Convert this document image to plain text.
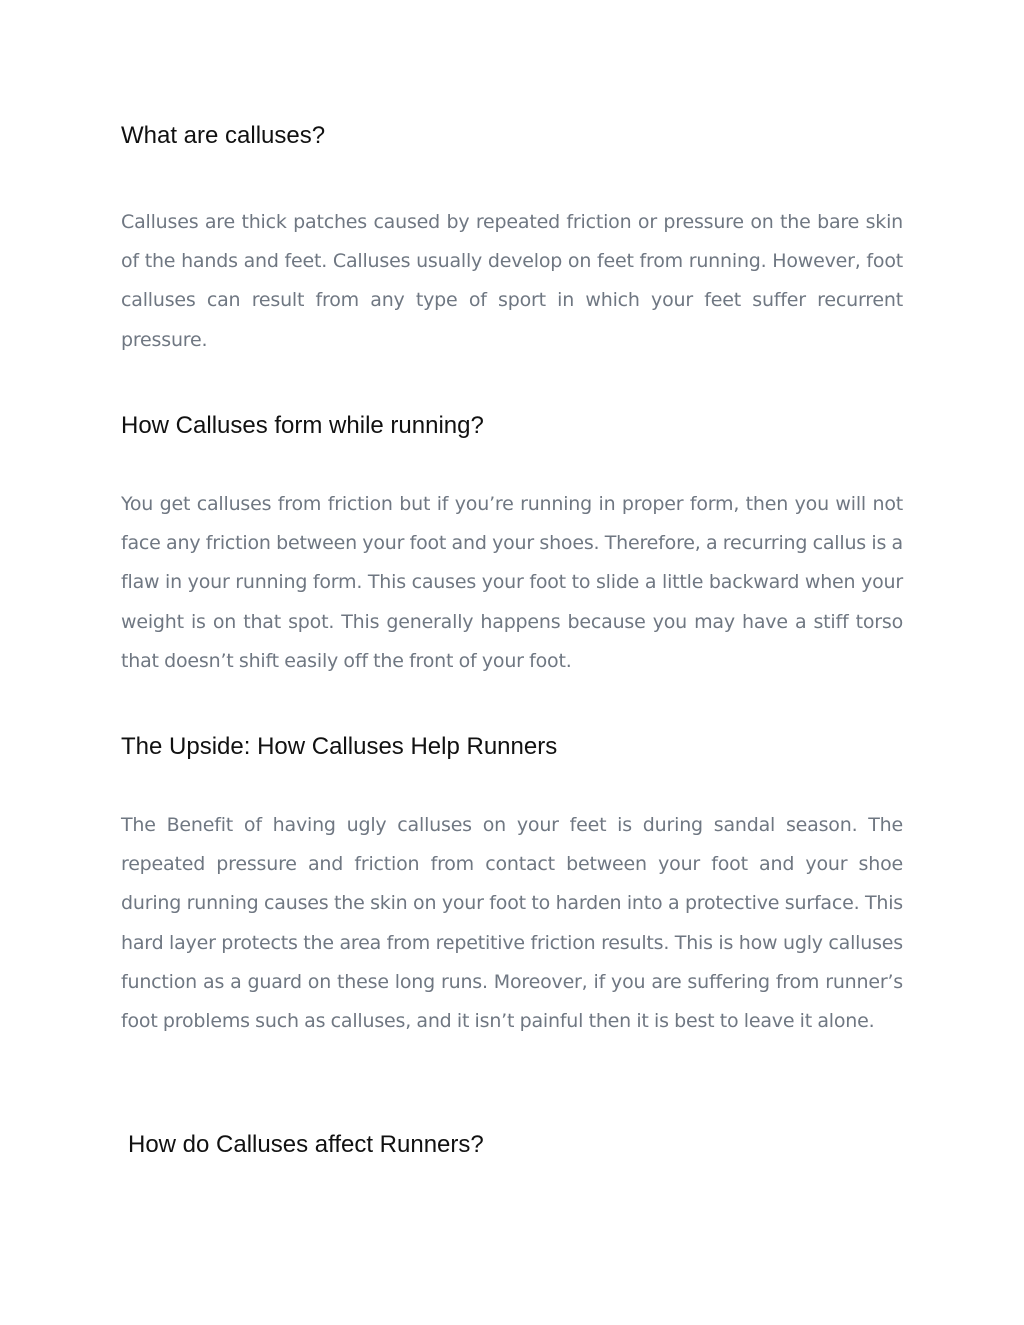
What are calluses?

Calluses are thick patches caused by repeated friction or pressure on the bare skin of the hands and feet. Calluses usually develop on feet from running. However, foot calluses can result from any type of sport in which your feet suffer recurrent pressure.

How Calluses form while running?

You get calluses from friction but if you’re running in proper form, then you will not face any friction between your foot and your shoes. Therefore, a recurring callus is a flaw in your running form. This causes your foot to slide a little backward when your weight is on that spot. This generally happens because you may have a stiff torso that doesn’t shift easily off the front of your foot.

The Upside: How Calluses Help Runners

The Benefit of having ugly calluses on your feet is during sandal season. The repeated pressure and friction from contact between your foot and your shoe during running causes the skin on your foot to harden into a protective surface. This hard layer protects the area from repetitive friction results. This is how ugly calluses function as a guard on these long runs. Moreover, if you are suffering from runner’s foot problems such as calluses, and it isn’t painful then it is best to leave it alone.

How do Calluses affect Runners?
